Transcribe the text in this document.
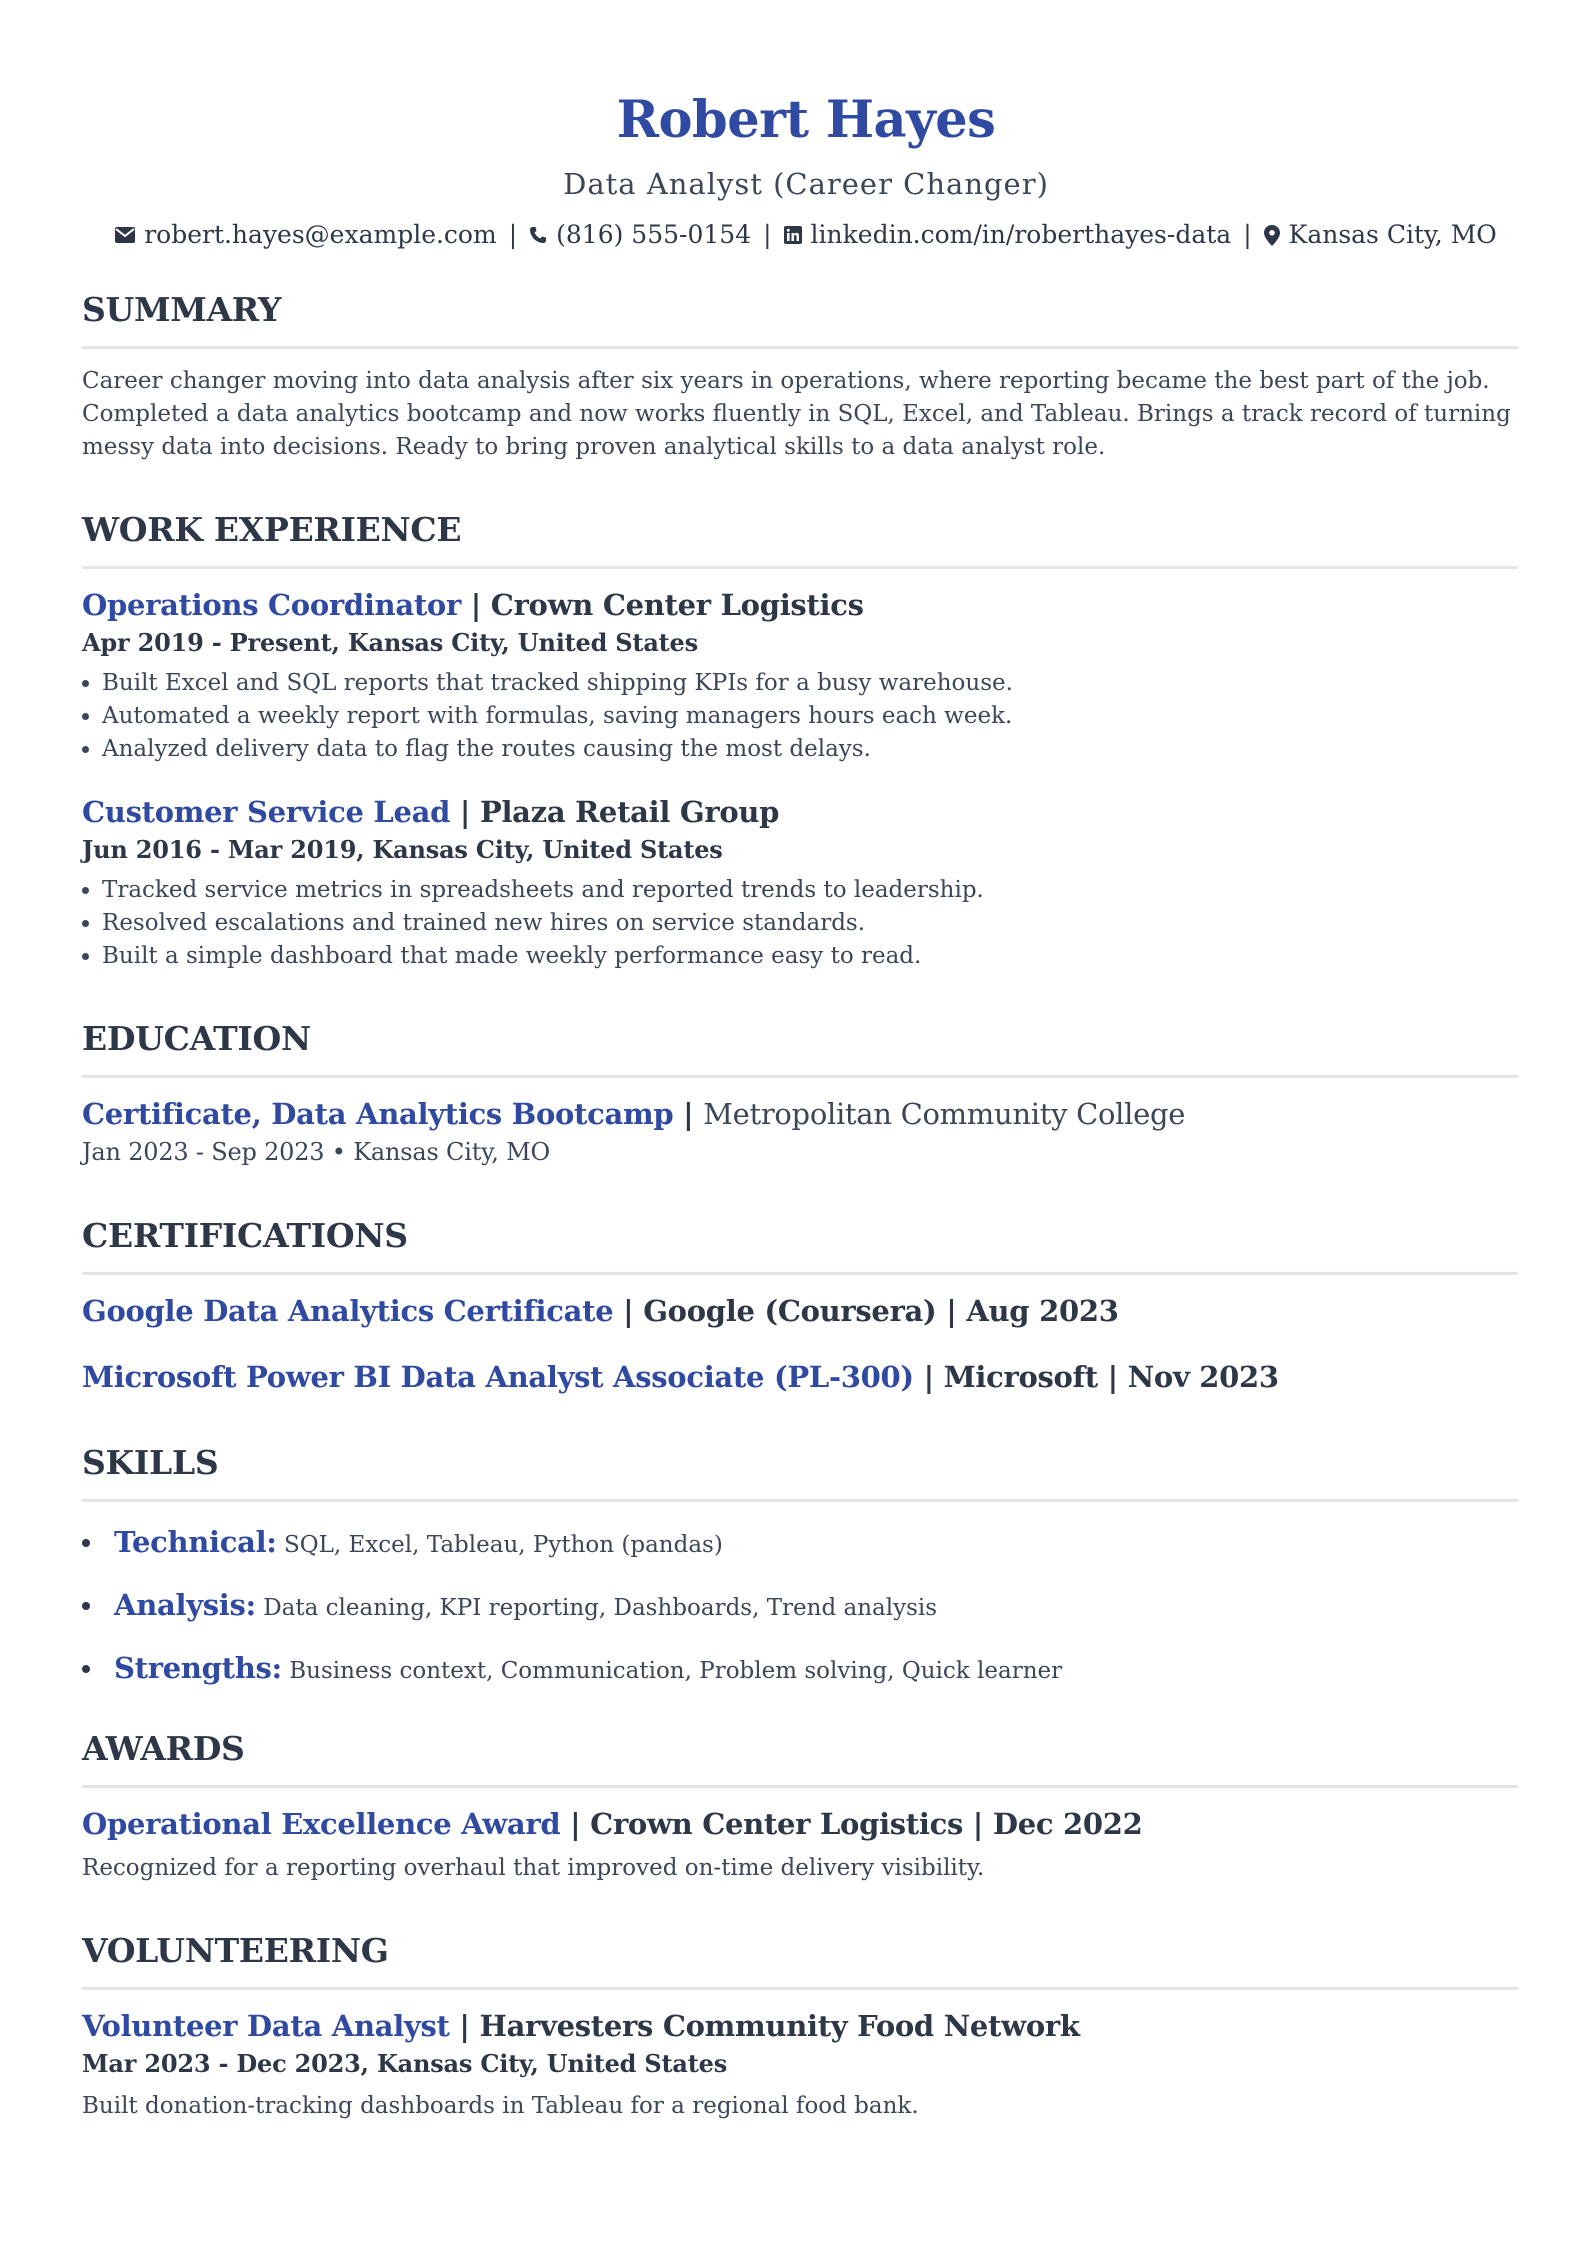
Robert Hayes
Data Analyst (Career Changer)
robert.hayes@example.com | (816) 555-0154 | linkedin.com/in/roberthayes-data | Kansas City, MO
SUMMARY

Career changer moving into data analysis after six years in operations, where reporting became the best part of the job. Completed a data analytics bootcamp and now works fluently in SQL, Excel, and Tableau. Brings a track record of turning messy data into decisions. Ready to bring proven analytical skills to a data analyst role.

WORK EXPERIENCE
Operations Coordinator | Crown Center Logistics
Apr 2019 - Present, Kansas City, United States
Built Excel and SQL reports that tracked shipping KPIs for a busy warehouse.
Automated a weekly report with formulas, saving managers hours each week.
Analyzed delivery data to flag the routes causing the most delays.
Customer Service Lead | Plaza Retail Group
Jun 2016 - Mar 2019, Kansas City, United States
Tracked service metrics in spreadsheets and reported trends to leadership.
Resolved escalations and trained new hires on service standards.
Built a simple dashboard that made weekly performance easy to read.
EDUCATION
Certificate, Data Analytics Bootcamp | Metropolitan Community College
Jan 2023 - Sep 2023 • Kansas City, MO
CERTIFICATIONS
Google Data Analytics Certificate | Google (Coursera) | Aug 2023
Microsoft Power BI Data Analyst Associate (PL-300) | Microsoft | Nov 2023
SKILLS
Technical: SQL, Excel, Tableau, Python (pandas)
Analysis: Data cleaning, KPI reporting, Dashboards, Trend analysis
Strengths: Business context, Communication, Problem solving, Quick learner
AWARDS
Operational Excellence Award | Crown Center Logistics | Dec 2022
Recognized for a reporting overhaul that improved on-time delivery visibility.
VOLUNTEERING
Volunteer Data Analyst | Harvesters Community Food Network
Mar 2023 - Dec 2023, Kansas City, United States
Built donation-tracking dashboards in Tableau for a regional food bank.
